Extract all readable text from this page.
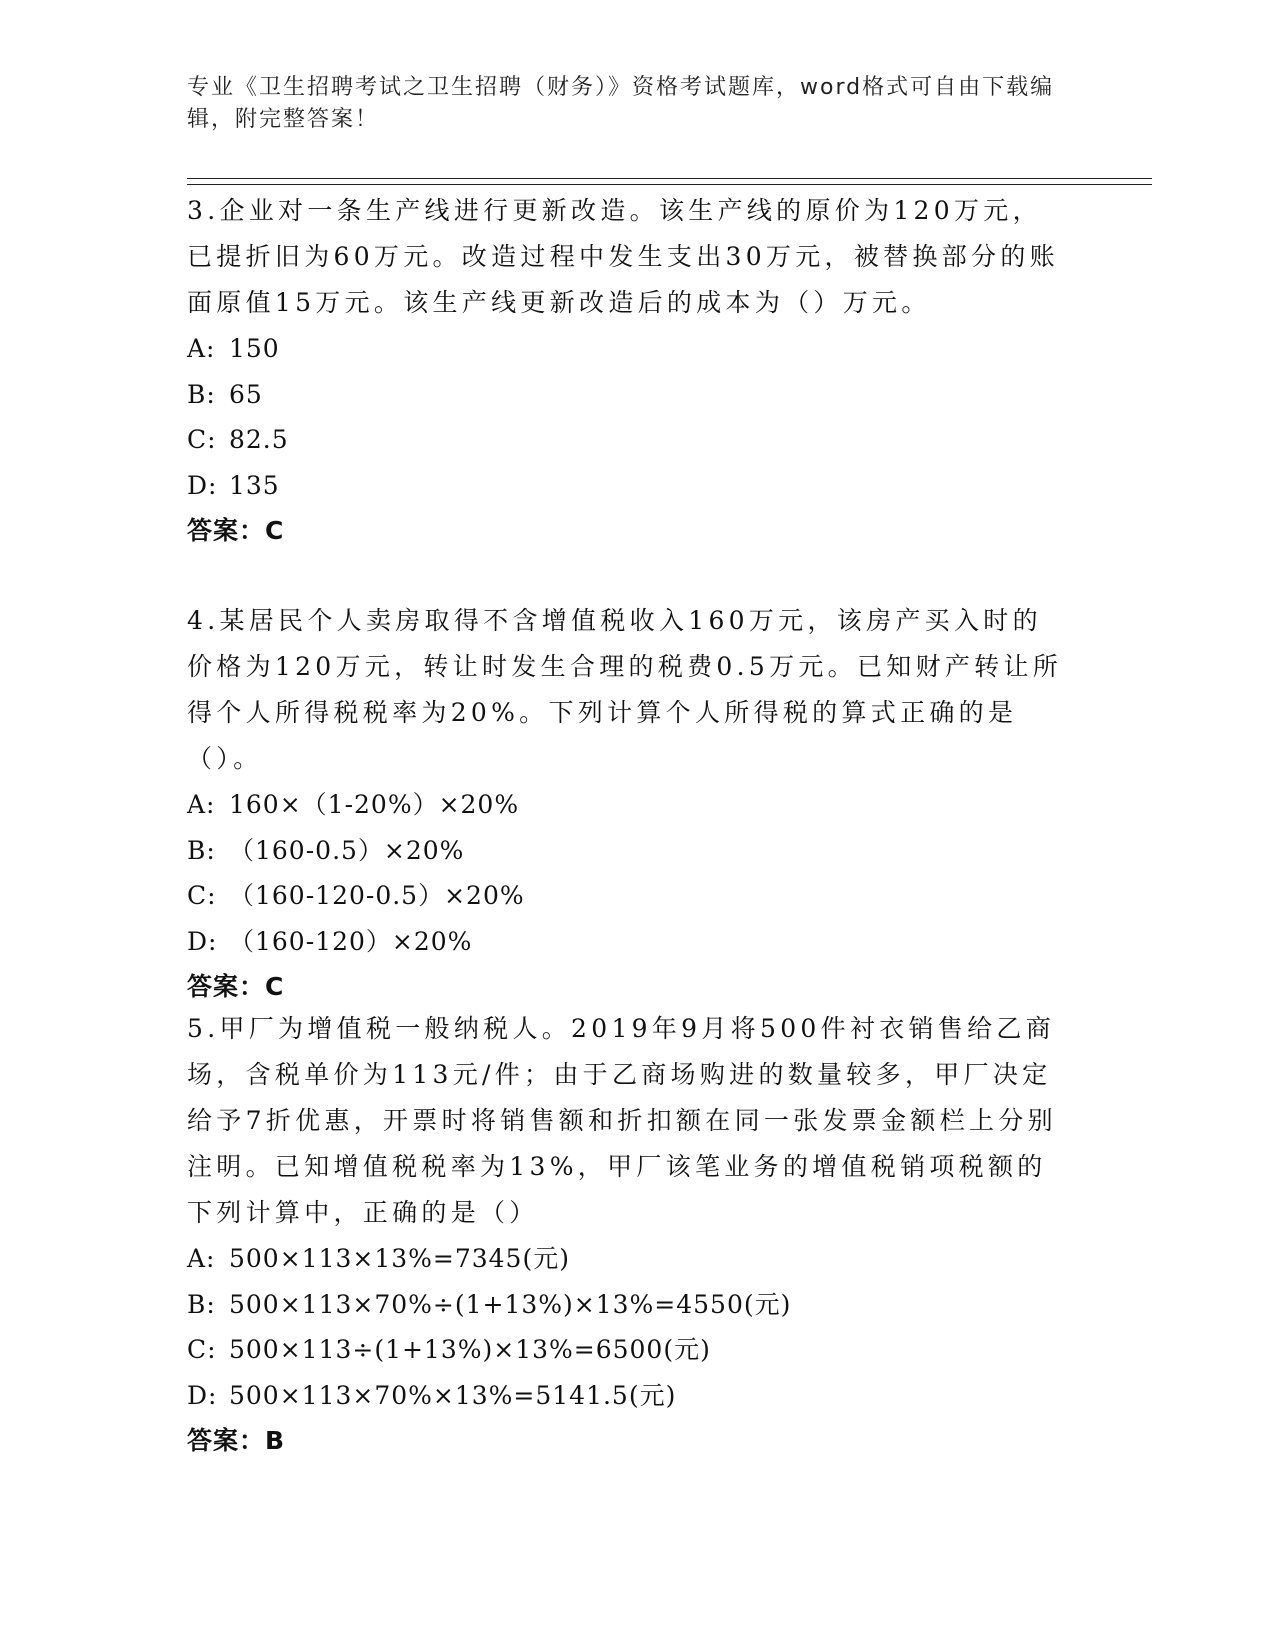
专业《卫生招聘考试之卫生招聘（财务）》资格考试题库，word格式可自由下载编辑，附完整答案！

3.企业对一条生产线进行更新改造。该生产线的原价为120万元，已提折旧为60万元。改造过程中发生支出30万元，被替换部分的账面原值15万元。该生产线更新改造后的成本为（）万元。

A: 150

B: 65

C: 82.5

D: 135

答案：C

4.某居民个人卖房取得不含增值税收入160万元，该房产买入时的价格为120万元，转让时发生合理的税费0.5万元。已知财产转让所得个人所得税税率为20%。下列计算个人所得税的算式正确的是（）。

A: 160×（1-20%）×20%

B: （160-0.5）×20%

C: （160-120-0.5）×20%

D: （160-120）×20%

答案：C

5.甲厂为增值税一般纳税人。2019年9月将500件衬衣销售给乙商场，含税单价为113元/件；由于乙商场购进的数量较多，甲厂决定给予7折优惠，开票时将销售额和折扣额在同一张发票金额栏上分别注明。已知增值税税率为13%，甲厂该笔业务的增值税销项税额的下列计算中，正确的是（）

A: 500×113×13%=7345(元)

B: 500×113×70%÷(1+13%)×13%=4550(元)

C: 500×113÷(1+13%)×13%=6500(元)

D: 500×113×70%×13%=5141.5(元)

答案：B
